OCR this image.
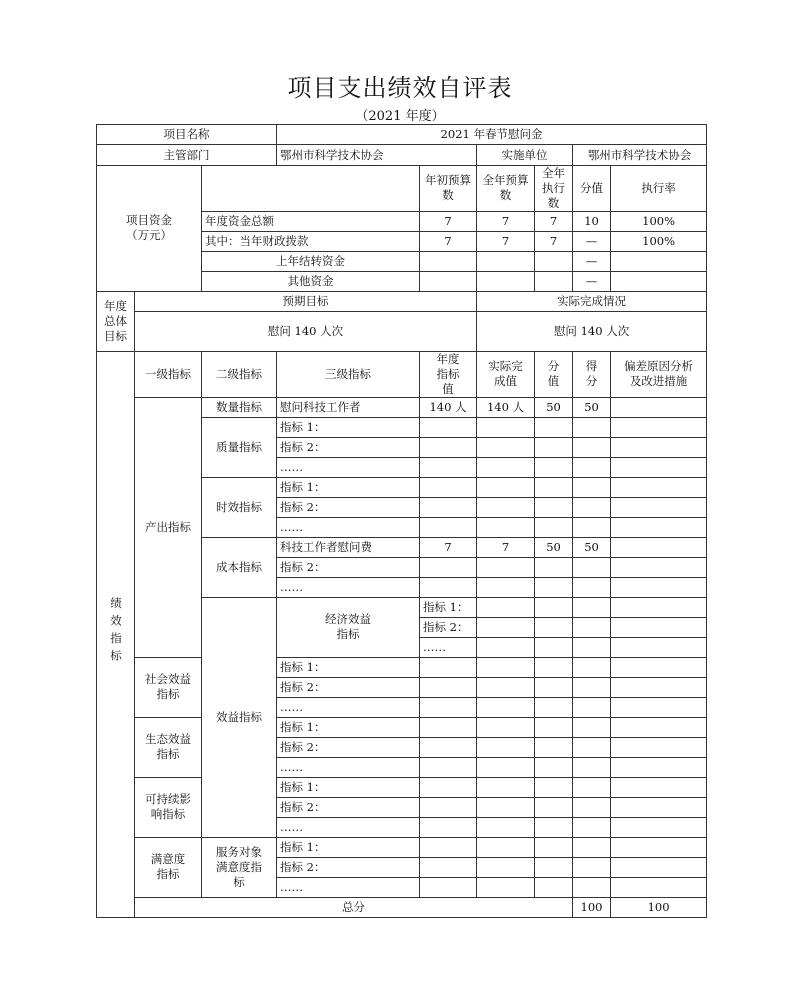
项目支出绩效自评表
（2021 年度）
项目名称			2021 年春节慰问金						
主管部门			鄂州市科学技术协会		实施单位		鄂州市科学技术协会		
项目资金（万元）				年初预算数	全年预算数	全年执行数	分值	执行率	
		年度资金总额		7	7	7	10	100%	
		其中：当年财政拨款		7	7	7	—	100%	
		上年结转资金					—		
		其他资金					—		
年度总体目标	预期目标				实际完成情况				
	慰问 140 人次				慰问 140 人次				
绩效指标	一级指标	二级指标	三级指标	年度指标值	实际完成值	分值	得分	偏差原因分析及改进措施	
	产出指标	数量指标	慰问科技工作者	140 人	140 人	50	50		
		质量指标	指标 1：						
			指标 2：						
			……						
		时效指标	指标 1：						
			指标 2：						
			……						
		成本指标	科技工作者慰问费	7	7	50	50		
			指标 2：						
			……						
		效益指标	经济效益指标	指标 1：					
				指标 2：					
				……					
	社会效益指标		指标 1：						
			指标 2：						
			……						
	生态效益指标		指标 1：						
			指标 2：						
			……						
	可持续影响指标		指标 1：						
			指标 2：						
			……						
	满意度指标	服务对象满意度指标	指标 1：						
			指标 2：						
			……						
	总分						100	100	
